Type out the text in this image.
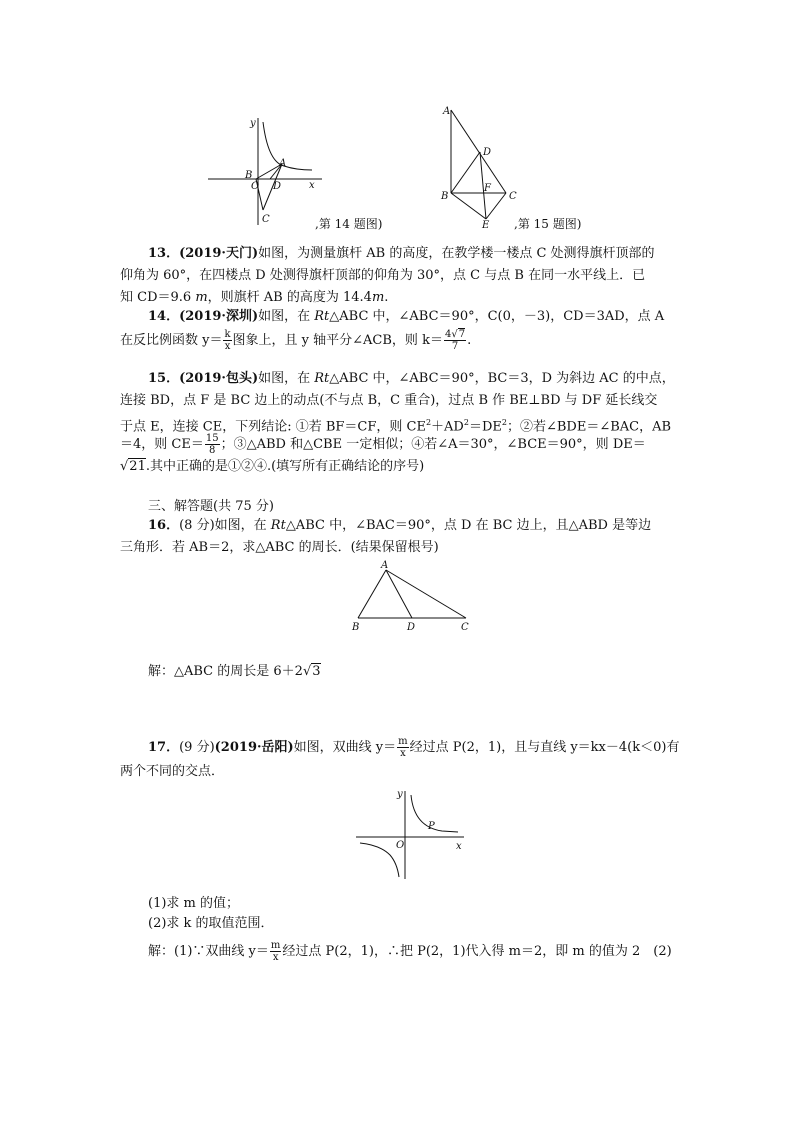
y
x
A
B
O D
C	,第 14 题图)
A
D
B
F
C
E ,第 15 题图)
13．(2019·天门)如图，为测量旗杆 AB 的高度，在教学楼一楼点 C 处测得旗杆顶部的
仰角为 60°，在四楼点 D 处测得旗杆顶部的仰角为 30°，点 C 与点 B 在同一水平线上．已
知 CD＝9.6 m，则旗杆 AB 的高度为 14.4m.
14．(2019·深圳)如图，在 Rt△ABC 中，∠ABC＝90°，C(0，－3)，CD＝3AD，点 A
在反比例函数 $y= \frac{k}{x}$ 图象上，且 y 轴平分∠ACB，则 $k= \frac{4√7}{7}$ .
15．(2019·包头)如图，在 Rt△ABC 中，∠ABC＝90°，BC＝3，D 为斜边 AC 的中点，
连接 BD，点 F 是 BC 边上的动点(不与点 B，C 重合)，过点 B 作 BE⊥BD 与 DF 延长线交
于点 E，连接 CE，下列结论: ①若 BF＝CF，则 $CE^2+AD^2=DE^2$；②若∠BDE＝∠BAC，AB
＝4，则 $CE= \frac{15}{8}$ ；③△ABD 和△CBE 一定相似；④若∠A＝30°，∠BCE＝90°，则 DE＝
√21.其中正确的是①②④.(填写所有正确结论的序号)
三、解答题(共 75 分)
16．(8 分)如图，在 Rt△ABC 中，∠BAC＝90°，点 D 在 BC 边上，且△ABD 是等边
三角形．若 AB＝2，求△ABC 的周长．(结果保留根号)
A
B	D	C
解：△ABC 的周长是 6＋2√3
17．(9 分)(2019·岳阳)如图，双曲线 $y= \frac{m}{x}$ 经过点 P(2，1)，且与直线 y＝kx－4(k＜0)有
两个不同的交点．
y
x
P
O
(1)求 m 的值；
(2)求 k 的取值范围．
解：(1)∵双曲线 $y= \frac{m}{x}$ 经过点 P(2，1)，∴把 P(2，1)代入得 m＝2，即 m 的值为 2　(2)
